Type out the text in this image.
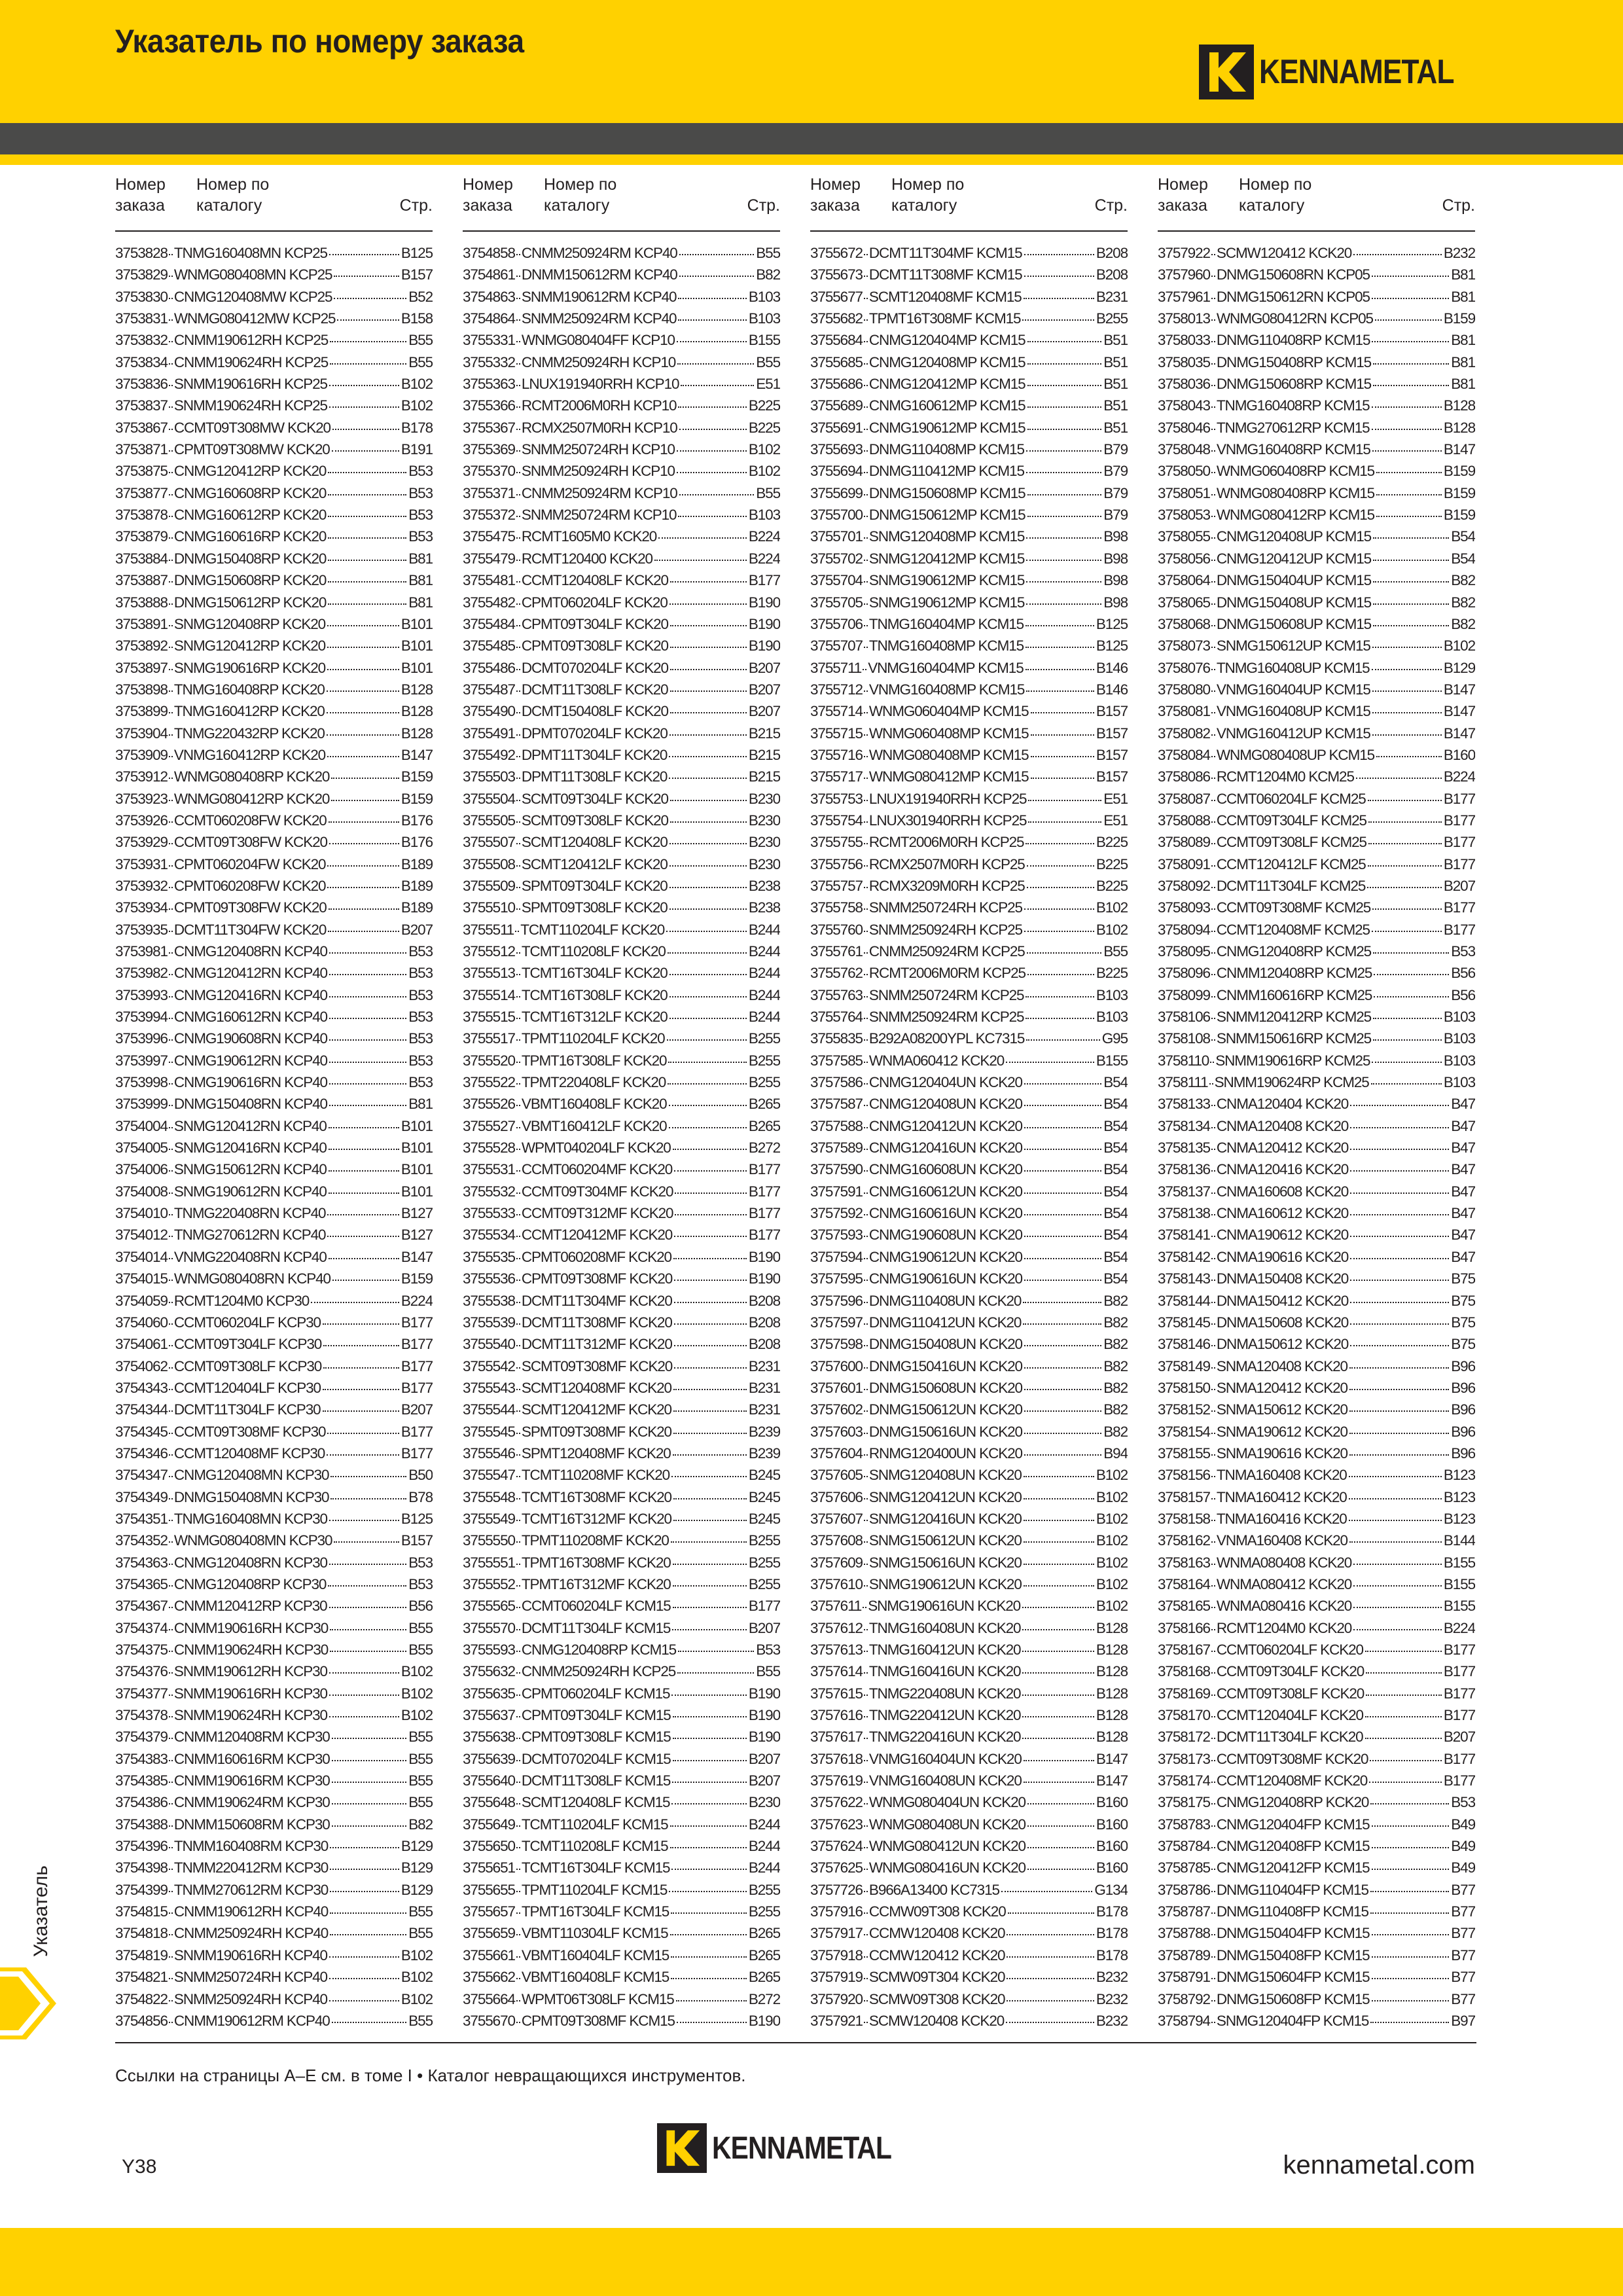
Указатель по номеру заказа
KENNAMETAL
Номер
заказа
Номер по
каталогу	Стр.
3753828 TNMG160408MN KCP25	B125
3753829 WNMG080408MN KCP25	B157
3753830 CNMG120408MW KCP25	B52
3753831 WNMG080412MW KCP25	B158
3753832 CNMM190612RH KCP25	B55
3753834 CNMM190624RH KCP25	B55
3753836 SNMM190616RH KCP25	B102
3753837 SNMM190624RH KCP25	B102
3753867 CCMT09T308MW KCK20	B178
3753871 CPMT09T308MW KCK20	B191
3753875 CNMG120412RP KCK20	B53
3753877 CNMG160608RP KCK20	B53
3753878 CNMG160612RP KCK20	B53
3753879 CNMG160616RP KCK20	B53
3753884 DNMG150408RP KCK20	B81
3753887 DNMG150608RP KCK20	B81
3753888 DNMG150612RP KCK20	B81
3753891 SNMG120408RP KCK20	B101
3753892 SNMG120412RP KCK20	B101
3753897 SNMG190616RP KCK20	B101
3753898 TNMG160408RP KCK20	B128
3753899 TNMG160412RP KCK20	B128
3753904 TNMG220432RP KCK20	B128
3753909 VNMG160412RP KCK20	B147
3753912 WNMG080408RP KCK20	B159
3753923 WNMG080412RP KCK20	B159
3753926 CCMT060208FW KCK20	B176
3753929 CCMT09T308FW KCK20	B176
3753931 CPMT060204FW KCK20	B189
3753932 CPMT060208FW KCK20	B189
3753934 CPMT09T308FW KCK20	B189
3753935 DCMT11T304FW KCK20	B207
3753981 CNMG120408RN KCP40	B53
3753982 CNMG120412RN KCP40	B53
3753993 CNMG120416RN KCP40	B53
3753994 CNMG160612RN KCP40	B53
3753996 CNMG190608RN KCP40	B53
3753997 CNMG190612RN KCP40	B53
3753998 CNMG190616RN KCP40	B53
3753999 DNMG150408RN KCP40	B81
3754004 SNMG120412RN KCP40	B101
3754005 SNMG120416RN KCP40	B101
3754006 SNMG150612RN KCP40	B101
3754008 SNMG190612RN KCP40	B101
3754010 TNMG220408RN KCP40	B127
3754012 TNMG270612RN KCP40	B127
3754014 VNMG220408RN KCP40	B147
3754015 WNMG080408RN KCP40	B159
3754059 RCMT1204M0 KCP30	B224
3754060 CCMT060204LF KCP30	B177
3754061 CCMT09T304LF KCP30	B177
3754062 CCMT09T308LF KCP30	B177
3754343 CCMT120404LF KCP30	B177
3754344 DCMT11T304LF KCP30	B207
3754345 CCMT09T308MF KCP30	B177
3754346 CCMT120408MF KCP30	B177
3754347 CNMG120408MN KCP30	B50
3754349 DNMG150408MN KCP30	B78
3754351 TNMG160408MN KCP30	B125
3754352 WNMG080408MN KCP30	B157
3754363 CNMG120408RN KCP30	B53
3754365 CNMG120408RP KCP30	B53
3754367 CNMM120412RP KCP30	B56
3754374 CNMM190616RH KCP30	B55
3754375 CNMM190624RH KCP30	B55
3754376 SNMM190612RH KCP30	B102
3754377 SNMM190616RH KCP30	B102
3754378 SNMM190624RH KCP30	B102
3754379 CNMM120408RM KCP30	B55
3754383 CNMM160616RM KCP30	B55
3754385 CNMM190616RM KCP30	B55
3754386 CNMM190624RM KCP30	B55
3754388 DNMM150608RM KCP30	B82
3754396 TNMM160408RM KCP30	B129
3754398 TNMM220412RM KCP30	B129
3754399 TNMM270612RM KCP30	B129
3754815 CNMM190612RH KCP40	B55
3754818 CNMM250924RH KCP40	B55
3754819 SNMM190616RH KCP40	B102
3754821 SNMM250724RH KCP40	B102
3754822 SNMM250924RH KCP40	B102
3754856 CNMM190612RM KCP40	B55
Номер
заказа
Номер по
каталогу	Стр.
3754858 CNMM250924RM KCP40	B55
3754861 DNMM150612RM KCP40	B82
3754863 SNMM190612RM KCP40	B103
3754864 SNMM250924RM KCP40	B103
3755331 WNMG080404FF KCP10	B155
3755332 CNMM250924RH KCP10	B55
3755363 LNUX191940RRH KCP10	E51
3755366 RCMT2006M0RH KCP10	B225
3755367 RCMX2507M0RH KCP10	B225
3755369 SNMM250724RH KCP10	B102
3755370 SNMM250924RH KCP10	B102
3755371 CNMM250924RM KCP10	B55
3755372 SNMM250724RM KCP10	B103
3755475 RCMT1605M0 KCK20	B224
3755479 RCMT120400 KCK20	B224
3755481 CCMT120408LF KCK20	B177
3755482 CPMT060204LF KCK20	B190
3755484 CPMT09T304LF KCK20	B190
3755485 CPMT09T308LF KCK20	B190
3755486 DCMT070204LF KCK20	B207
3755487 DCMT11T308LF KCK20	B207
3755490 DCMT150408LF KCK20	B207
3755491 DPMT070204LF KCK20	B215
3755492 DPMT11T304LF KCK20	B215
3755503 DPMT11T308LF KCK20	B215
3755504 SCMT09T304LF KCK20	B230
3755505 SCMT09T308LF KCK20	B230
3755507 SCMT120408LF KCK20	B230
3755508 SCMT120412LF KCK20	B230
3755509 SPMT09T304LF KCK20	B238
3755510 SPMT09T308LF KCK20	B238
3755511 TCMT110204LF KCK20	B244
3755512 TCMT110208LF KCK20	B244
3755513 TCMT16T304LF KCK20	B244
3755514 TCMT16T308LF KCK20	B244
3755515 TCMT16T312LF KCK20	B244
3755517 TPMT110204LF KCK20	B255
3755520 TPMT16T308LF KCK20	B255
3755522 TPMT220408LF KCK20	B255
3755526 VBMT160408LF KCK20	B265
3755527 VBMT160412LF KCK20	B265
3755528 WPMT040204LF KCK20	B272
3755531 CCMT060204MF KCK20	B177
3755532 CCMT09T304MF KCK20	B177
3755533 CCMT09T312MF KCK20	B177
3755534 CCMT120412MF KCK20	B177
3755535 CPMT060208MF KCK20	B190
3755536 CPMT09T308MF KCK20	B190
3755538 DCMT11T304MF KCK20	B208
3755539 DCMT11T308MF KCK20	B208
3755540 DCMT11T312MF KCK20	B208
3755542 SCMT09T308MF KCK20	B231
3755543 SCMT120408MF KCK20	B231
3755544 SCMT120412MF KCK20	B231
3755545 SPMT09T308MF KCK20	B239
3755546 SPMT120408MF KCK20	B239
3755547 TCMT110208MF KCK20	B245
3755548 TCMT16T308MF KCK20	B245
3755549 TCMT16T312MF KCK20	B245
3755550 TPMT110208MF KCK20	B255
3755551 TPMT16T308MF KCK20	B255
3755552 TPMT16T312MF KCK20	B255
3755565 CCMT060204LF KCM15	B177
3755570 DCMT11T304LF KCM15	B207
3755593 CNMG120408RP KCM15	B53
3755632 CNMM250924RH KCP25	B55
3755635 CPMT060204LF KCM15	B190
3755637 CPMT09T304LF KCM15	B190
3755638 CPMT09T308LF KCM15	B190
3755639 DCMT070204LF KCM15	B207
3755640 DCMT11T308LF KCM15	B207
3755648 SCMT120408LF KCM15	B230
3755649 TCMT110204LF KCM15	B244
3755650 TCMT110208LF KCM15	B244
3755651 TCMT16T304LF KCM15	B244
3755655 TPMT110204LF KCM15	B255
3755657 TPMT16T304LF KCM15	B255
3755659 VBMT110304LF KCM15	B265
3755661 VBMT160404LF KCM15	B265
3755662 VBMT160408LF KCM15	B265
3755664 WPMT06T308LF KCM15	B272
3755670 CPMT09T308MF KCM15	B190
Номер
заказа
Номер по
каталогу	Стр.
3755672 DCMT11T304MF KCM15	B208
3755673 DCMT11T308MF KCM15	B208
3755677 SCMT120408MF KCM15	B231
3755682 TPMT16T308MF KCM15	B255
3755684 CNMG120404MP KCM15	B51
3755685 CNMG120408MP KCM15	B51
3755686 CNMG120412MP KCM15	B51
3755689 CNMG160612MP KCM15	B51
3755691 CNMG190612MP KCM15	B51
3755693 DNMG110408MP KCM15	B79
3755694 DNMG110412MP KCM15	B79
3755699 DNMG150608MP KCM15	B79
3755700 DNMG150612MP KCM15	B79
3755701 SNMG120408MP KCM15	B98
3755702 SNMG120412MP KCM15	B98
3755704 SNMG190612MP KCM15	B98
3755705 SNMG190612MP KCM15	B98
3755706 TNMG160404MP KCM15	B125
3755707 TNMG160408MP KCM15	B125
3755711 VNMG160404MP KCM15	B146
3755712 VNMG160408MP KCM15	B146
3755714 WNMG060404MP KCM15	B157
3755715 WNMG060408MP KCM15	B157
3755716 WNMG080408MP KCM15	B157
3755717 WNMG080412MP KCM15	B157
3755753 LNUX191940RRH KCP25	E51
3755754 LNUX301940RRH KCP25	E51
3755755 RCMT2006M0RH KCP25	B225
3755756 RCMX2507M0RH KCP25	B225
3755757 RCMX3209M0RH KCP25	B225
3755758 SNMM250724RH KCP25	B102
3755760 SNMM250924RH KCP25	B102
3755761 CNMM250924RM KCP25	B55
3755762 RCMT2006M0RM KCP25	B225
3755763 SNMM250724RM KCP25	B103
3755764 SNMM250924RM KCP25	B103
3755835 B292A08200YPL KC7315	G95
3757585 WNMA060412 KCK20	B155
3757586 CNMG120404UN KCK20	B54
3757587 CNMG120408UN KCK20	B54
3757588 CNMG120412UN KCK20	B54
3757589 CNMG120416UN KCK20	B54
3757590 CNMG160608UN KCK20	B54
3757591 CNMG160612UN KCK20	B54
3757592 CNMG160616UN KCK20	B54
3757593 CNMG190608UN KCK20	B54
3757594 CNMG190612UN KCK20	B54
3757595 CNMG190616UN KCK20	B54
3757596 DNMG110408UN KCK20	B82
3757597 DNMG110412UN KCK20	B82
3757598 DNMG150408UN KCK20	B82
3757600 DNMG150416UN KCK20	B82
3757601 DNMG150608UN KCK20	B82
3757602 DNMG150612UN KCK20	B82
3757603 DNMG150616UN KCK20	B82
3757604 RNMG120400UN KCK20	B94
3757605 SNMG120408UN KCK20	B102
3757606 SNMG120412UN KCK20	B102
3757607 SNMG120416UN KCK20	B102
3757608 SNMG150612UN KCK20	B102
3757609 SNMG150616UN KCK20	B102
3757610 SNMG190612UN KCK20	B102
3757611 SNMG190616UN KCK20	B102
3757612 TNMG160408UN KCK20	B128
3757613 TNMG160412UN KCK20	B128
3757614 TNMG160416UN KCK20	B128
3757615 TNMG220408UN KCK20	B128
3757616 TNMG220412UN KCK20	B128
3757617 TNMG220416UN KCK20	B128
3757618 VNMG160404UN KCK20	B147
3757619 VNMG160408UN KCK20	B147
3757622 WNMG080404UN KCK20	B160
3757623 WNMG080408UN KCK20	B160
3757624 WNMG080412UN KCK20	B160
3757625 WNMG080416UN KCK20	B160
3757726 B966A13400 KC7315	G134
3757916 CCMW09T308 KCK20	B178
3757917 CCMW120408 KCK20	B178
3757918 CCMW120412 KCK20	B178
3757919 SCMW09T304 KCK20	B232
3757920 SCMW09T308 KCK20	B232
3757921 SCMW120408 KCK20	B232
Номер
заказа
Номер по
каталогу	Стр.
3757922 SCMW120412 KCK20	B232
3757960 DNMG150608RN KCP05	B81
3757961 DNMG150612RN KCP05	B81
3758013 WNMG080412RN KCP05	B159
3758033 DNMG110408RP KCM15	B81
3758035 DNMG150408RP KCM15	B81
3758036 DNMG150608RP KCM15	B81
3758043 TNMG160408RP KCM15	B128
3758046 TNMG270612RP KCM15	B128
3758048 VNMG160408RP KCM15	B147
3758050 WNMG060408RP KCM15	B159
3758051 WNMG080408RP KCM15	B159
3758053 WNMG080412RP KCM15	B159
3758055 CNMG120408UP KCM15	B54
3758056 CNMG120412UP KCM15	B54
3758064 DNMG150404UP KCM15	B82
3758065 DNMG150408UP KCM15	B82
3758068 DNMG150608UP KCM15	B82
3758073 SNMG150612UP KCM15	B102
3758076 TNMG160408UP KCM15	B129
3758080 VNMG160404UP KCM15	B147
3758081 VNMG160408UP KCM15	B147
3758082 VNMG160412UP KCM15	B147
3758084 WNMG080408UP KCM15	B160
3758086 RCMT1204M0 KCM25	B224
3758087 CCMT060204LF KCM25	B177
3758088 CCMT09T304LF KCM25	B177
3758089 CCMT09T308LF KCM25	B177
3758091 CCMT120412LF KCM25	B177
3758092 DCMT11T304LF KCM25	B207
3758093 CCMT09T308MF KCM25	B177
3758094 CCMT120408MF KCM25	B177
3758095 CNMG120408RP KCM25	B53
3758096 CNMM120408RP KCM25	B56
3758099 CNMM160616RP KCM25	B56
3758106 SNMM120412RP KCM25	B103
3758108 SNMM150616RP KCM25	B103
3758110 SNMM190616RP KCM25	B103
3758111 SNMM190624RP KCM25	B103
3758133 CNMA120404 KCK20	B47
3758134 CNMA120408 KCK20	B47
3758135 CNMA120412 KCK20	B47
3758136 CNMA120416 KCK20	B47
3758137 CNMA160608 KCK20	B47
3758138 CNMA160612 KCK20	B47
3758141 CNMA190612 KCK20	B47
3758142 CNMA190616 KCK20	B47
3758143 DNMA150408 KCK20	B75
3758144 DNMA150412 KCK20	B75
3758145 DNMA150608 KCK20	B75
3758146 DNMA150612 KCK20	B75
3758149 SNMA120408 KCK20	B96
3758150 SNMA120412 KCK20	B96
3758152 SNMA150612 KCK20	B96
3758154 SNMA190612 KCK20	B96
3758155 SNMA190616 KCK20	B96
3758156 TNMA160408 KCK20	B123
3758157 TNMA160412 KCK20	B123
3758158 TNMA160416 KCK20	B123
3758162 VNMA160408 KCK20	B144
3758163 WNMA080408 KCK20	B155
3758164 WNMA080412 KCK20	B155
3758165 WNMA080416 KCK20	B155
3758166 RCMT1204M0 KCK20	B224
3758167 CCMT060204LF KCK20	B177
3758168 CCMT09T304LF KCK20	B177
3758169 CCMT09T308LF KCK20	B177
3758170 CCMT120404LF KCK20	B177
3758172 DCMT11T304LF KCK20	B207
3758173 CCMT09T308MF KCK20	B177
3758174 CCMT120408MF KCK20	B177
3758175 CNMG120408RP KCK20	B53
3758783 CNMG120404FP KCM15	B49
3758784 CNMG120408FP KCM15	B49
3758785 CNMG120412FP KCM15	B49
3758786 DNMG110404FP KCM15	B77
3758787 DNMG110408FP KCM15	B77
3758788 DNMG150404FP KCM15	B77
3758789 DNMG150408FP KCM15	B77
3758791 DNMG150604FP KCM15	B77
3758792 DNMG150608FP KCM15	B77
3758794 SNMG120404FP KCM15	B97
Ссылки на страницы A–E см. в томе I • Каталог невращающихся инструментов.
KENNAMETAL
Y38	kennametal.com
Указатель
